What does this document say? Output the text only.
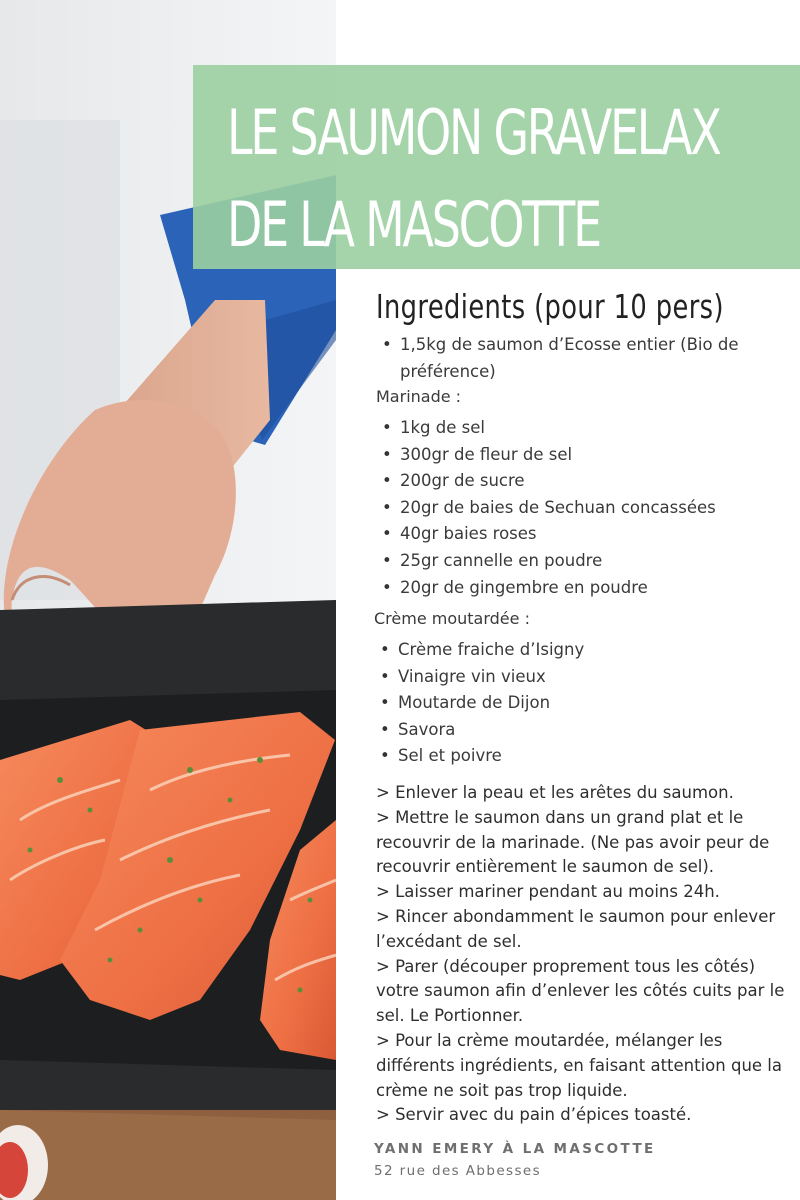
LE SAUMON GRAVELAX
DE LA MASCOTTE
Ingredients (pour 10 pers)
• 1,5kg de saumon d’Ecosse entier (Bio de préférence)

Marinade :

• 1kg de sel
• 300gr de fleur de sel
• 200gr de sucre
• 20gr de baies de Sechuan concassées
• 40gr baies roses
• 25gr cannelle en poudre
• 20gr de gingembre en poudre

Crème moutardée :

• Crème fraiche d’Isigny
• Vinaigre vin vieux
• Moutarde de Dijon
• Savora
• Sel et poivre

> Enlever la peau et les arêtes du saumon.

> Mettre le saumon dans un grand plat et le recouvrir de la marinade. (Ne pas avoir peur de recouvrir entièrement le saumon de sel).

> Laisser mariner pendant au moins 24h.

> Rincer abondamment le saumon pour enlever l’excédant de sel.

> Parer (découper proprement tous les côtés) votre saumon afin d’enlever les côtés cuits par le sel. Le Portionner.

> Pour la crème moutardée, mélanger les différents ingrédients, en faisant attention que la crème ne soit pas trop liquide.

> Servir avec du pain d’épices toasté.

YANN EMERY À LA MASCOTTE

52 rue des Abbesses
